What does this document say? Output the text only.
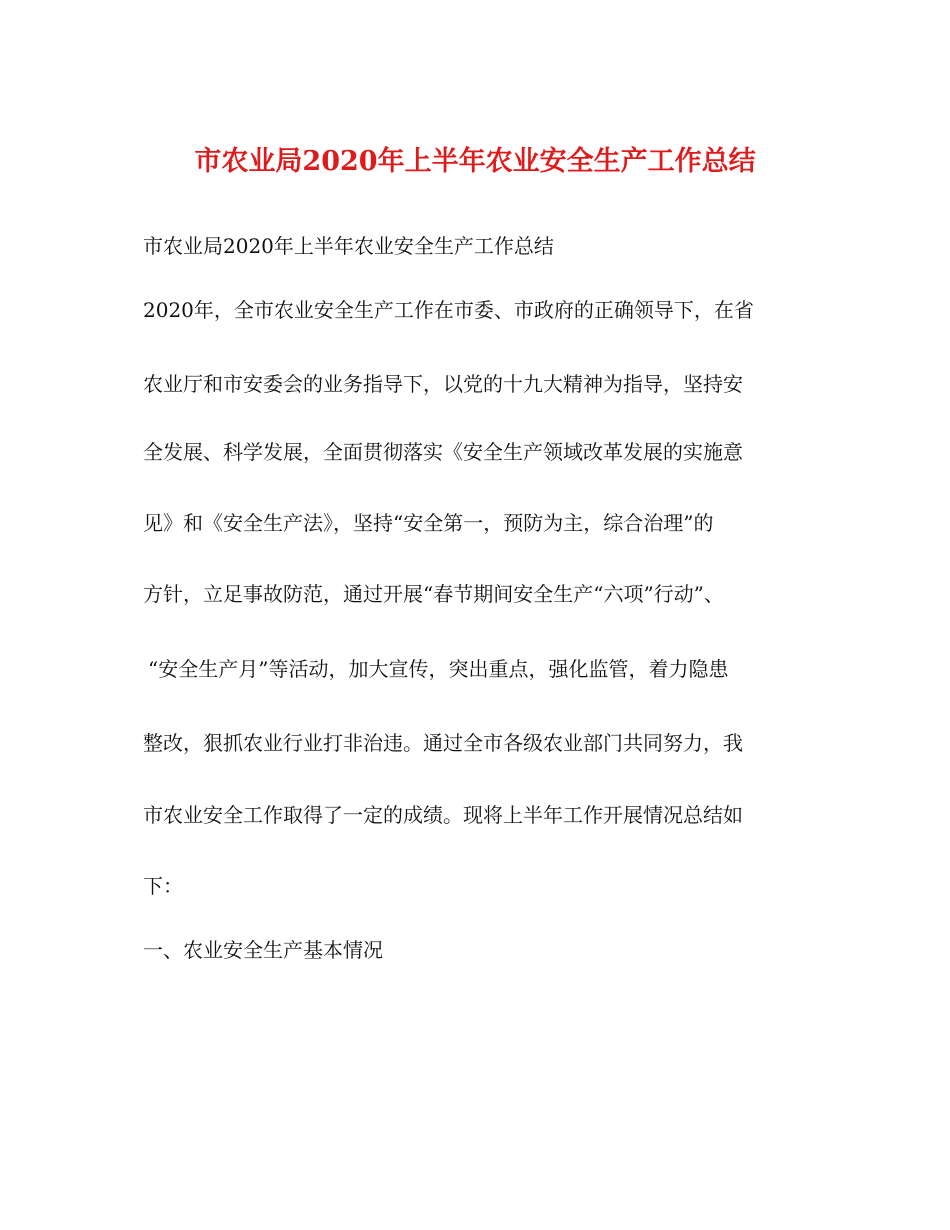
市农业局2020年上半年农业安全生产工作总结
市农业局2020年上半年农业安全生产工作总结
2020年，全市农业安全生产工作在市委、市政府的正确领导下，在省
农业厅和市安委会的业务指导下，以党的十九大精神为指导，坚持安
全发展、科学发展，全面贯彻落实《安全生产领域改革发展的实施意
见》和《安全生产法》，坚持“安全第一，预防为主，综合治理”的
方针，立足事故防范，通过开展“春节期间安全生产“六项”行动”、
“安全生产月”等活动，加大宣传，突出重点，强化监管，着力隐患
整改，狠抓农业行业打非治违。通过全市各级农业部门共同努力，我
市农业安全工作取得了一定的成绩。现将上半年工作开展情况总结如
下：
一、农业安全生产基本情况
